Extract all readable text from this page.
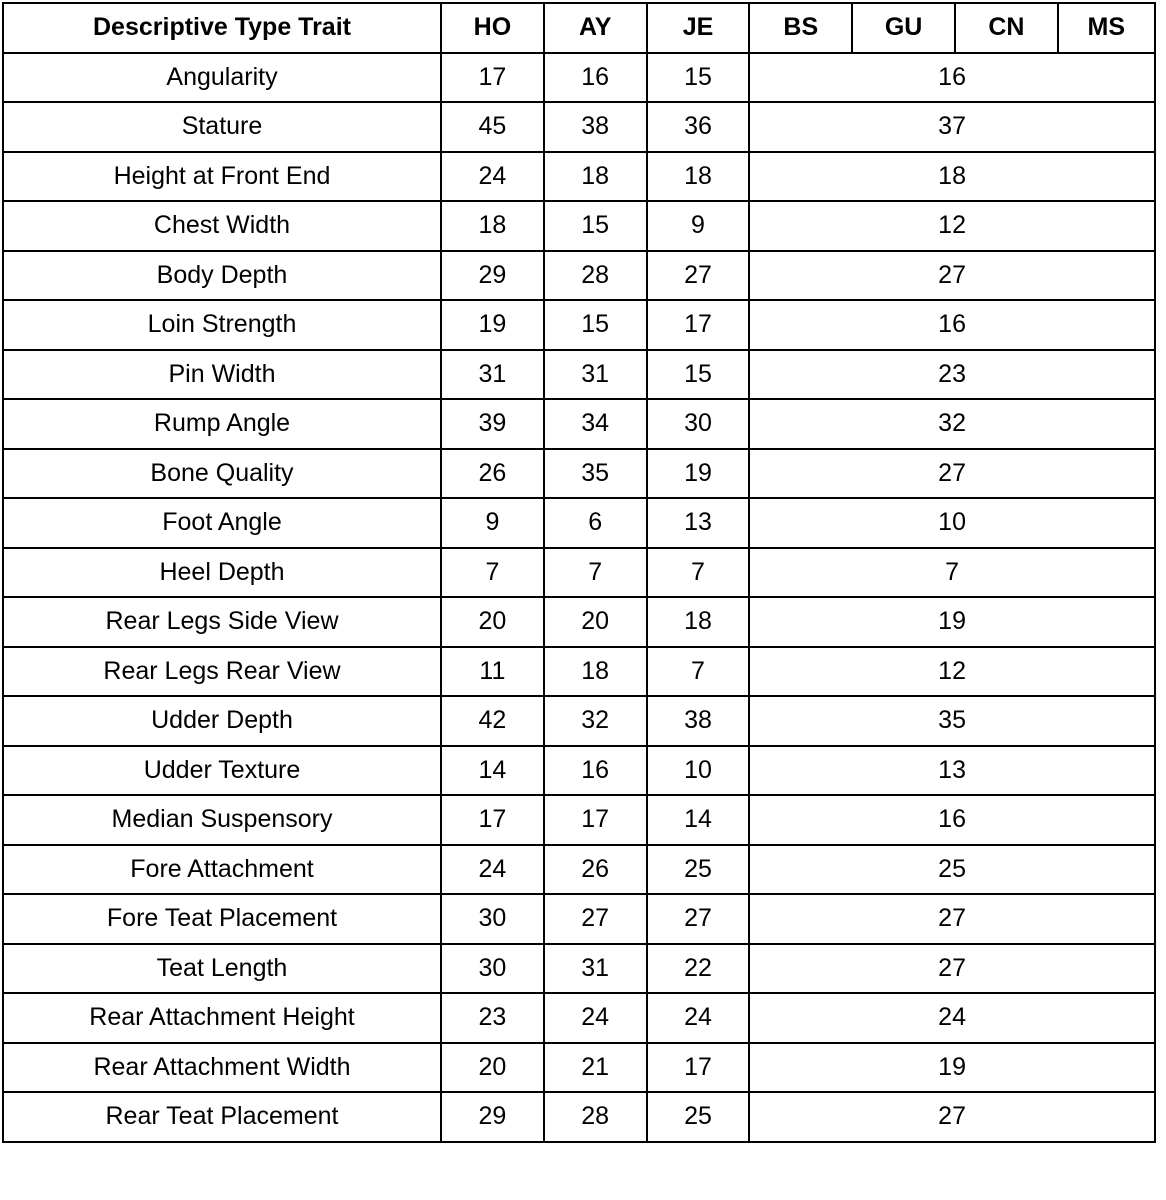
Descriptive Type Trait	HO	AY	JE	BS	GU	CN	MS
Angularity	17	16	15	16			
Stature	45	38	36	37			
Height at Front End	24	18	18	18			
Chest Width	18	15	9	12			
Body Depth	29	28	27	27			
Loin Strength	19	15	17	16			
Pin Width	31	31	15	23			
Rump Angle	39	34	30	32			
Bone Quality	26	35	19	27			
Foot Angle	9	6	13	10			
Heel Depth	7	7	7	7			
Rear Legs Side View	20	20	18	19			
Rear Legs Rear View	11	18	7	12			
Udder Depth	42	32	38	35			
Udder Texture	14	16	10	13			
Median Suspensory	17	17	14	16			
Fore Attachment	24	26	25	25			
Fore Teat Placement	30	27	27	27			
Teat Length	30	31	22	27			
Rear Attachment Height	23	24	24	24			
Rear Attachment Width	20	21	17	19			
Rear Teat Placement	29	28	25	27			
